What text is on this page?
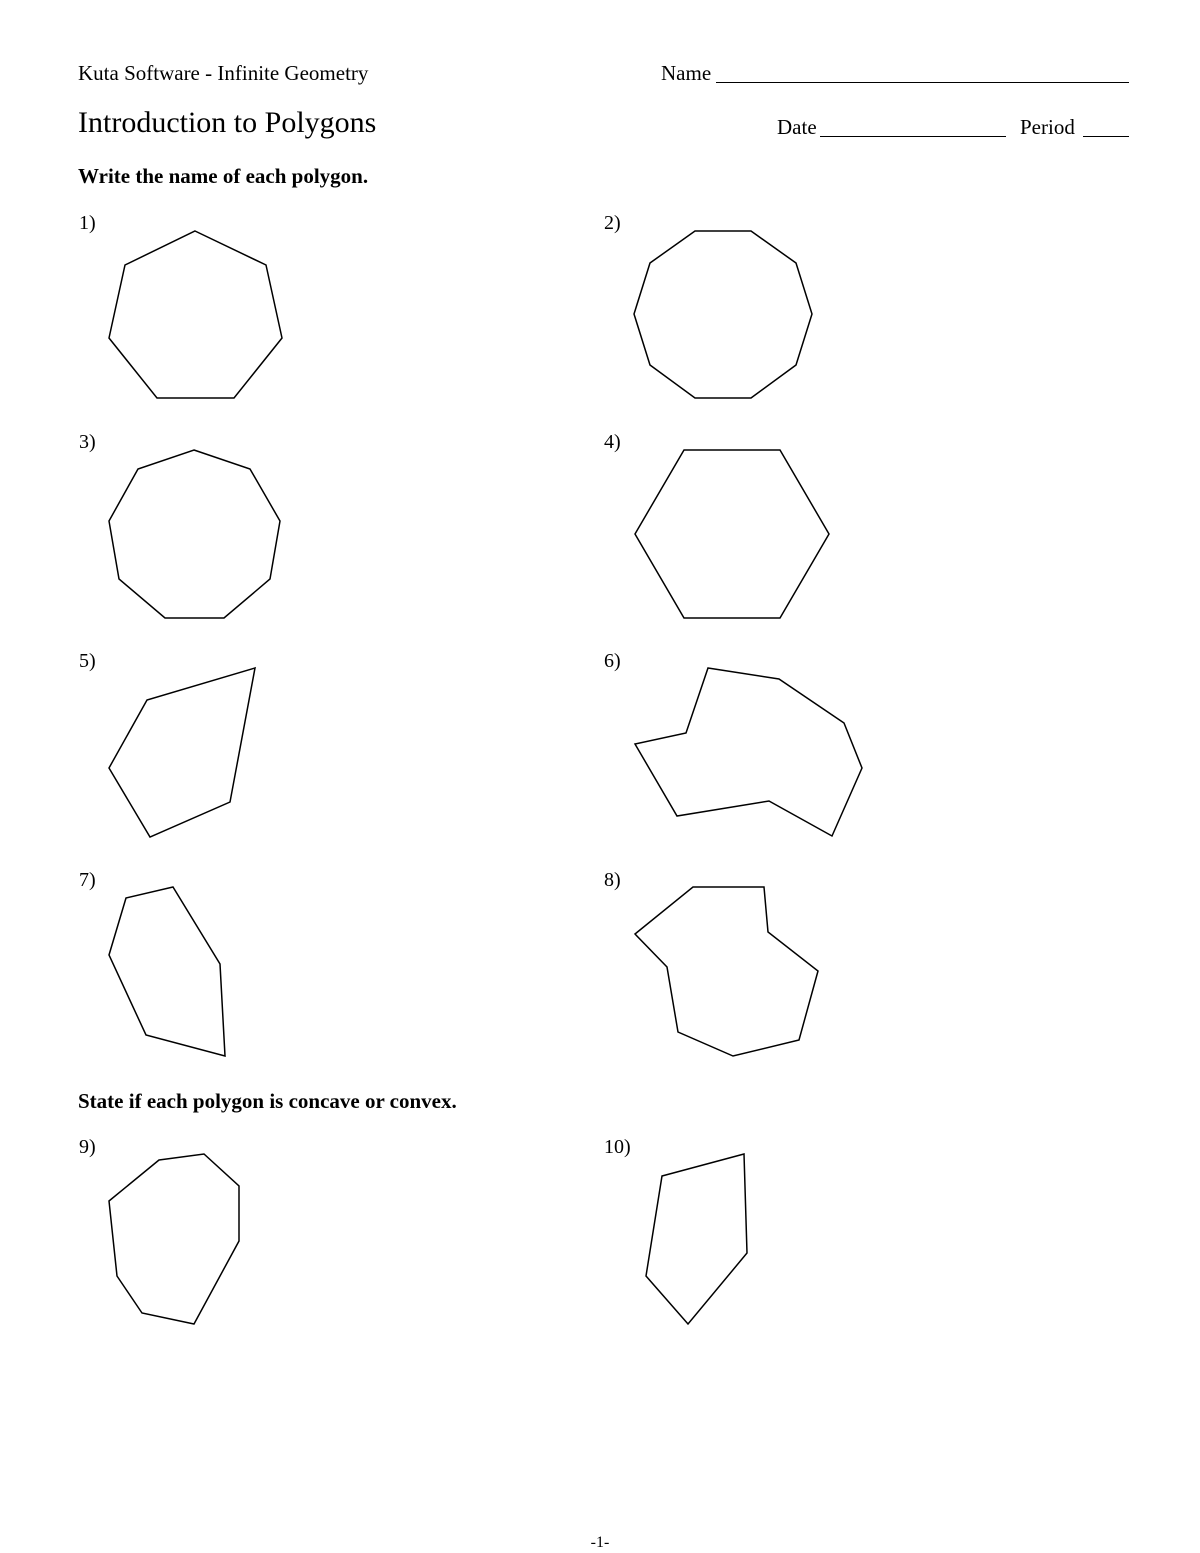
Kuta Software - Infinite Geometry	Name
Introduction to Polygons	Date	Period
Write the name of each polygon.
State if each polygon is concave or convex.
1)	2)
3)	4)
5)	6)
7)	8)
9)	10)
-1-
